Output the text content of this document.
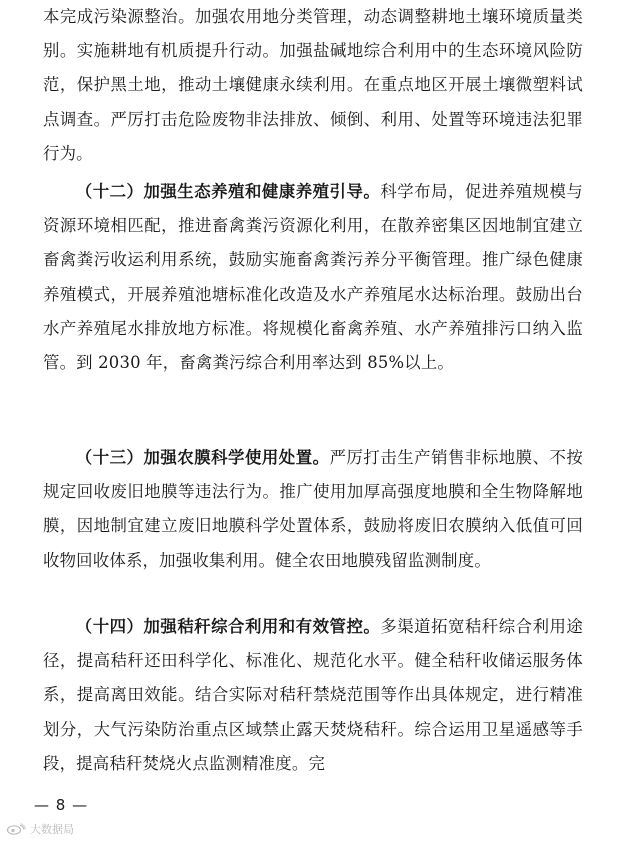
本完成污染源整治。加强农用地分类管理，动态调整耕地土壤环境质量类别。实施耕地有机质提升行动。加强盐碱地综合利用中的生态环境风险防范，保护黑土地，推动土壤健康永续利用。在重点地区开展土壤微塑料试点调查。严厉打击危险废物非法排放、倾倒、利用、处置等环境违法犯罪行为。

（十二）加强生态养殖和健康养殖引导。科学布局，促进养殖规模与资源环境相匹配，推进畜禽粪污资源化利用，在散养密集区因地制宜建立畜禽粪污收运利用系统，鼓励实施畜禽粪污养分平衡管理。推广绿色健康养殖模式，开展养殖池塘标准化改造及水产养殖尾水达标治理。鼓励出台水产养殖尾水排放地方标准。将规模化畜禽养殖、水产养殖排污口纳入监管。到 2030 年，畜禽粪污综合利用率达到 85%以上。

（十三）加强农膜科学使用处置。严厉打击生产销售非标地膜、不按规定回收废旧地膜等违法行为。推广使用加厚高强度地膜和全生物降解地膜，因地制宜建立废旧地膜科学处置体系，鼓励将废旧农膜纳入低值可回收物回收体系，加强收集利用。健全农田地膜残留监测制度。

（十四）加强秸秆综合利用和有效管控。多渠道拓宽秸秆综合利用途径，提高秸秆还田科学化、标准化、规范化水平。健全秸秆收储运服务体系，提高离田效能。结合实际对秸秆禁烧范围等作出具体规定，进行精准划分，大气污染防治重点区域禁止露天焚烧秸秆。综合运用卫星遥感等手段，提高秸秆焚烧火点监测精准度。完

— 8 —
大数据局
